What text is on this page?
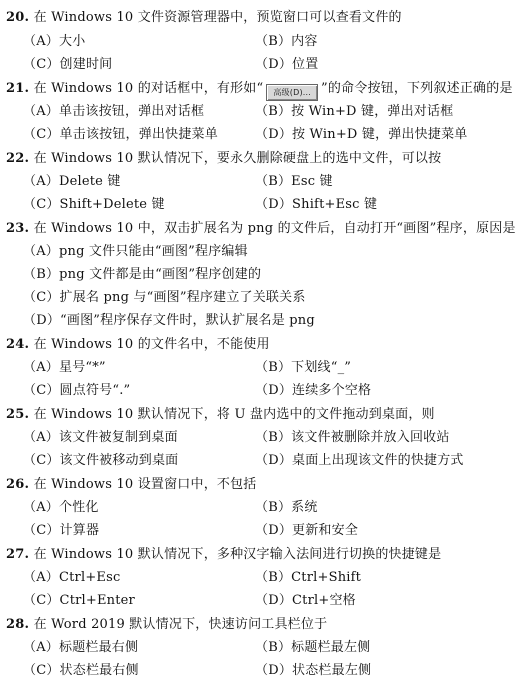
20. 在 Windows 10 文件资源管理器中，预览窗口可以查看文件的
（A）大小	（B）内容
（C）创建时间	（D）位置
21. 在 Windows 10 的对话框中，有形如“ 高级(D)... ”的命令按钮，下列叙述正确的是
（A）单击该按钮，弹出对话框	（B）按 Win+D 键，弹出对话框
（C）单击该按钮，弹出快捷菜单	（D）按 Win+D 键，弹出快捷菜单
22. 在 Windows 10 默认情况下，要永久删除硬盘上的选中文件，可以按
（A）Delete 键	（B）Esc 键
（C）Shift+Delete 键	（D）Shift+Esc 键
23. 在 Windows 10 中，双击扩展名为 png 的文件后，自动打开“画图”程序，原因是
（A）png 文件只能由“画图”程序编辑
（B）png 文件都是由“画图”程序创建的
（C）扩展名 png 与“画图”程序建立了关联关系
（D）“画图”程序保存文件时，默认扩展名是 png
24. 在 Windows 10 的文件名中，不能使用
（A）星号“*”	（B）下划线“_”
（C）圆点符号“.”	（D）连续多个空格
25. 在 Windows 10 默认情况下，将 U 盘内选中的文件拖动到桌面，则
（A）该文件被复制到桌面	（B）该文件被删除并放入回收站
（C）该文件被移动到桌面	（D）桌面上出现该文件的快捷方式
26. 在 Windows 10 设置窗口中，不包括
（A）个性化	（B）系统
（C）计算器	（D）更新和安全
27. 在 Windows 10 默认情况下，多种汉字输入法间进行切换的快捷键是
（A）Ctrl+Esc	（B）Ctrl+Shift
（C）Ctrl+Enter	（D）Ctrl+空格
28. 在 Word 2019 默认情况下，快速访问工具栏位于
（A）标题栏最右侧	（B）标题栏最左侧
（C）状态栏最右侧	（D）状态栏最左侧
